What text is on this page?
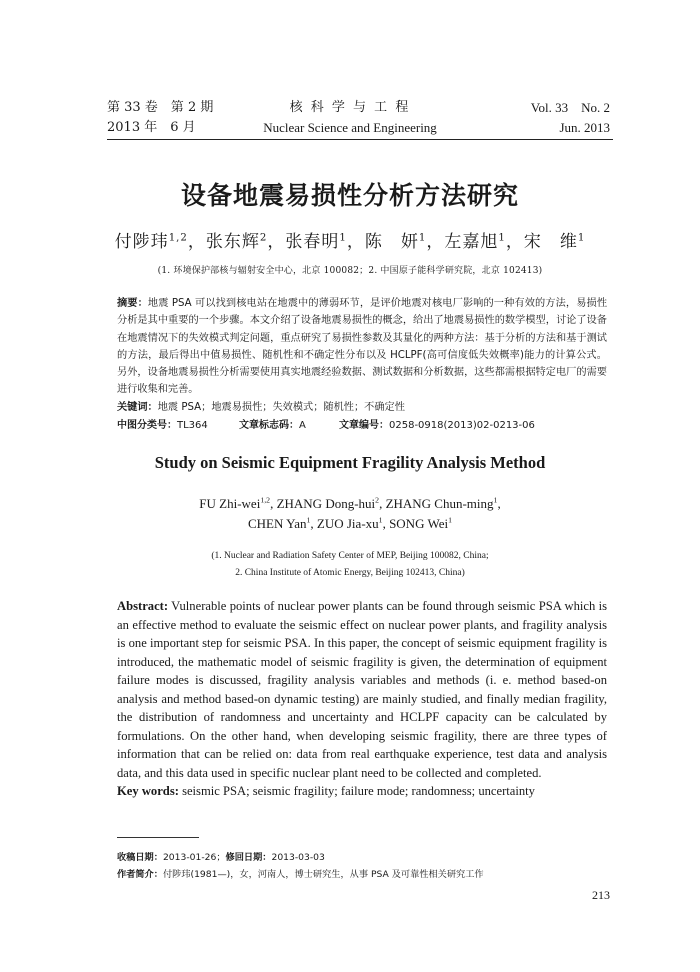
第 33 卷　第 2 期
2013 年　6 月
核 科 学 与 工 程
Nuclear Science and Engineering
Vol. 33　No. 2
Jun. 2013
设备地震易损性分析方法研究
付陟玮$^{1,2}$，张东辉$^2$，张春明$^1$，陈　妍$^1$，左嘉旭$^1$，宋　维$^1$
(1. 环境保护部核与辐射安全中心，北京 100082；2. 中国原子能科学研究院，北京 102413)
摘要：地震 PSA 可以找到核电站在地震中的薄弱环节，是评价地震对核电厂影响的一种有效的方法，易损性分析是其中重要的一个步骤。本文介绍了设备地震易损性的概念，给出了地震易损性的数学模型，讨论了设备在地震情况下的失效模式判定问题，重点研究了易损性参数及其量化的两种方法：基于分析的方法和基于测试的方法，最后得出中值易损性、随机性和不确定性分布以及 HCLPF(高可信度低失效概率)能力的计算公式。另外，设备地震易损性分析需要使用真实地震经验数据、测试数据和分析数据，这些都需根据特定电厂的需要进行收集和完善。
关键词：地震 PSA；地震易损性；失效模式；随机性；不确定性
中图分类号：TL364	文章标志码：A	文章编号：0258-0918(2013)02-0213-06
Study on Seismic Equipment Fragility Analysis Method
FU Zhi-wei$^{1,2}$, ZHANG Dong-hui$^2$, ZHANG Chun-ming$^1$,
CHEN Yan$^1$, ZUO Jia-$xu^1$, SONG Wei$^1$
(1. Nuclear and Radiation Safety Center of MEP, Beijing 100082, China;
2. China Institute of Atomic Energy, Beijing 102413, China)
Abstract: Vulnerable points of nuclear power plants can be found through seismic PSA which is an effective method to evaluate the seismic effect on nuclear power plants, and fragility analysis is one important step for seismic PSA. In this paper, the concept of seismic equipment fragility is introduced, the mathematic model of seismic fragility is given, the determination of equipment failure modes is discussed, fragility analysis variables and methods (i. e. method based-on analysis and method based-on dynamic testing) are mainly studied, and finally median fragility, the distribution of randomness and uncertainty and HCLPF capacity can be calculated by formulations. On the other hand, when developing seismic fragility, there are three types of information that can be relied on: data from real earthquake experience, test data and analysis data, and this data used in specific nuclear plant need to be collected and completed.
Key words: seismic PSA; seismic fragility; failure mode; randomness; uncertainty
收稿日期：2013-01-26；修回日期：2013-03-03
作者简介：付陟玮(1981—)，女，河南人，博士研究生，从事 PSA 及可靠性相关研究工作
213
